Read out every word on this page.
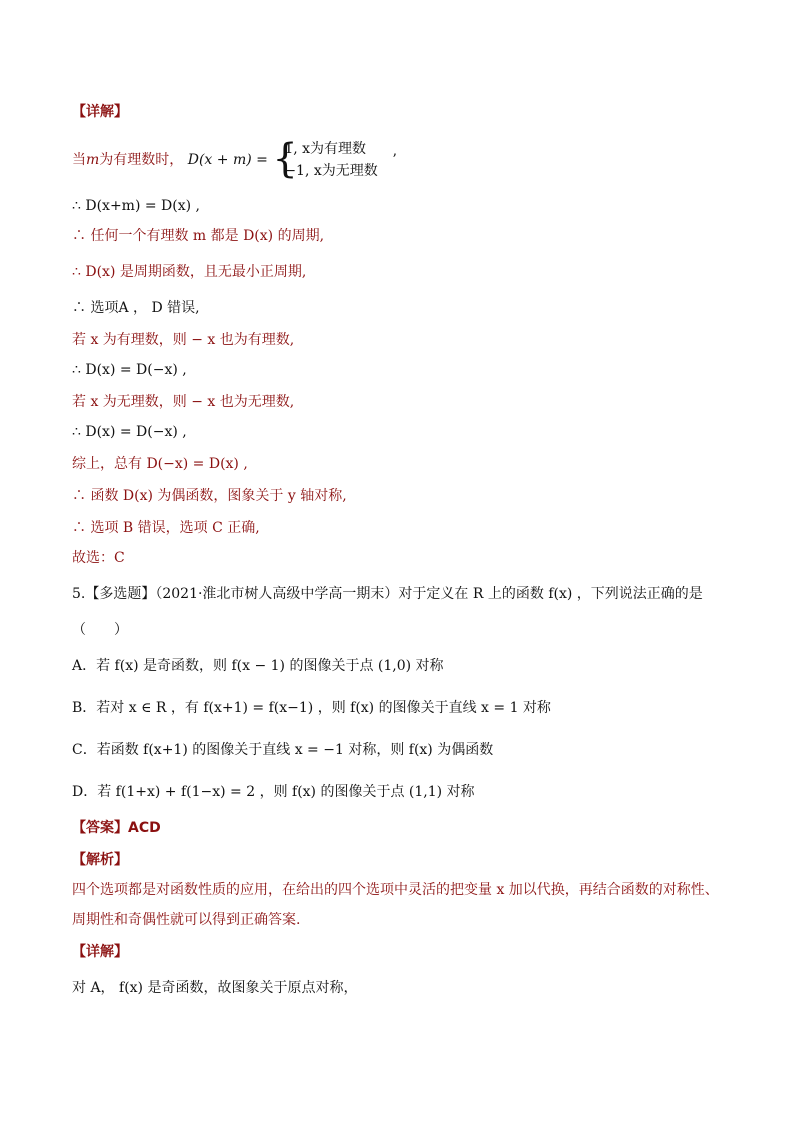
【详解】
当m为有理数时， D(x + m) = {
1, x为有理数
−1, x为无理数
’
∴ D(x+m) = D(x) ,
∴ 任何一个有理数 m 都是 D(x) 的周期,
∴ D(x) 是周期函数，且无最小正周期,
∴ 选项A ， D 错误,
若 x 为有理数，则 − x 也为有理数,
∴ D(x) = D(−x) ,
若 x 为无理数，则 − x 也为无理数,
∴ D(x) = D(−x) ,
综上，总有 D(−x) = D(x) ,
∴ 函数 D(x) 为偶函数，图象关于 y 轴对称,
∴ 选项 B 错误，选项 C 正确,
故选：C
5.【多选题】（2021·淮北市树人高级中学高一期末）对于定义在 R 上的函数 f(x) ，下列说法正确的是
（　　）
A．若 f(x) 是奇函数，则 f(x − 1) 的图像关于点 (1,0) 对称
B．若对 x ∈ R ，有 f(x+1) = f(x−1) ，则 f(x) 的图像关于直线 x = 1 对称
C．若函数 f(x+1) 的图像关于直线 x = −1 对称，则 f(x) 为偶函数
D．若 f(1+x) + f(1−x) = 2 ，则 f(x) 的图像关于点 (1,1) 对称
【答案】ACD
【解析】
四个选项都是对函数性质的应用，在给出的四个选项中灵活的把变量 x 加以代换，再结合函数的对称性、
周期性和奇偶性就可以得到正确答案.
【详解】
对 A， f(x) 是奇函数，故图象关于原点对称，
